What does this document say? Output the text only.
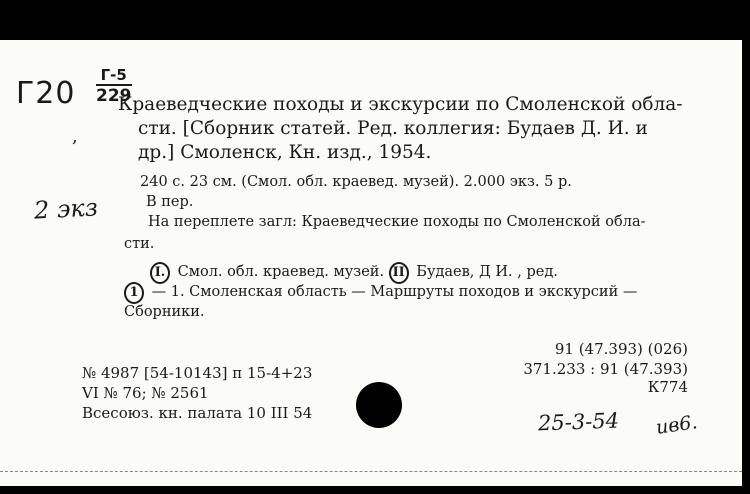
Г20
Г-5
229
,
2 экз
Краеведческие походы и экскурсии по Смоленской обла-
сти. [Сборник статей. Ред. коллегия: Будаев Д. И. и
др.] Смоленск, Кн. изд., 1954.
240 с. 23 см. (Смол. обл. краевед. музей). 2.000 экз. 5 р.
В пер.
На переплете загл: Краеведческие походы по Смоленской обла-
сти.
I. Смол. обл. краевед. музей. II Будаев, Д И. , ред.
1 — 1. Смоленская область — Маршруты походов и экскурсий —
Сборники.
№ 4987 [54-10143] п 15-4+23
VI № 76; № 2561
Всесоюз. кн. палата 10 III 54
91 (47.393) (026)
371.233 : 91 (47.393)
К774
25-3-54 ив6.
